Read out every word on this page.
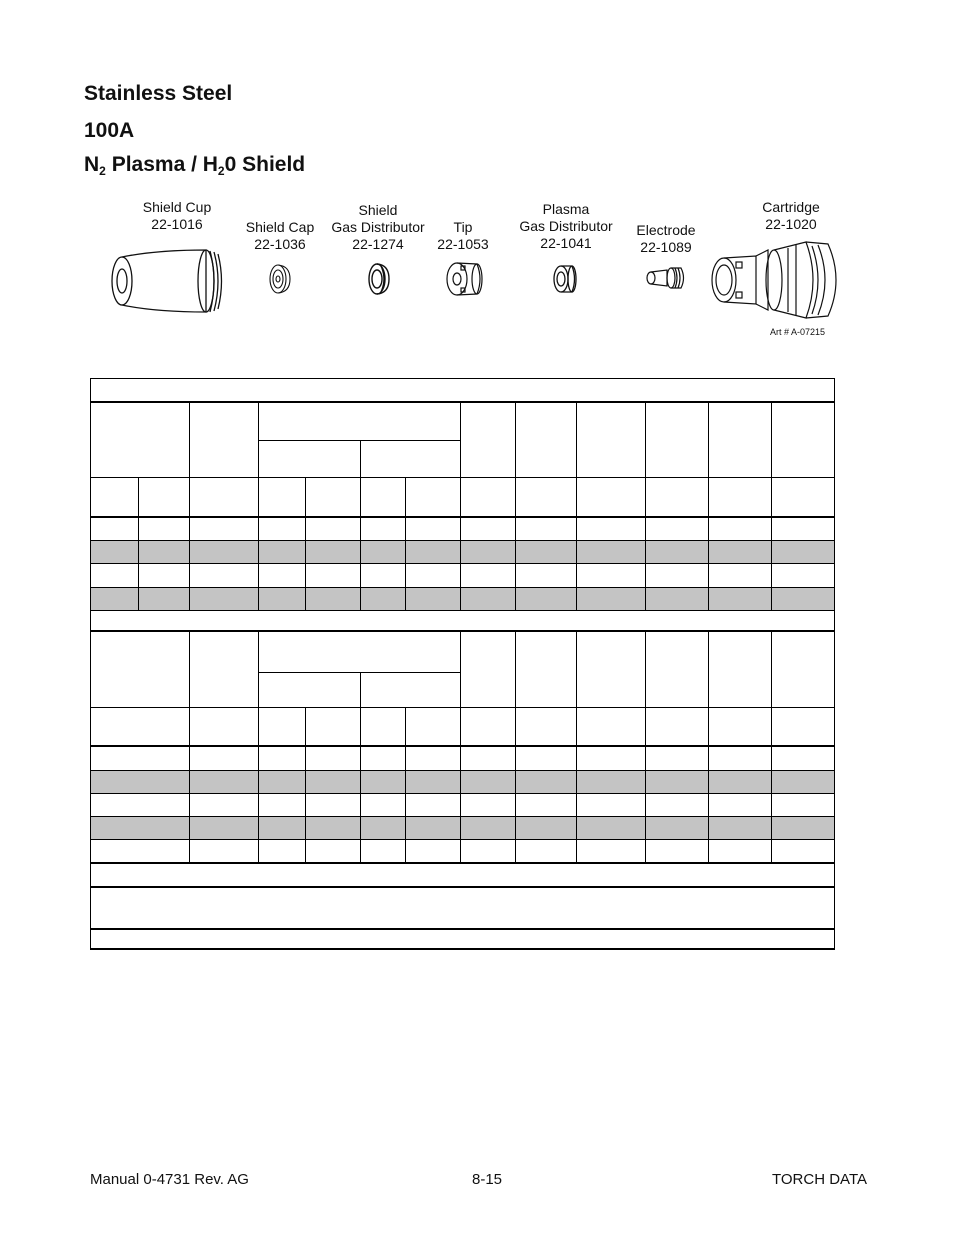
Stainless Steel
100A
$N_2$ Plasma / $H_20$ Shield
Shield Cup
22-1016	Shield Cap
22-1036
Shield
Gas Distributor
22-1274
Tip
22-1053
Plasma
Gas Distributor
22-1041
Electrode
22-1089
Cartridge
22-1020
Art # A-07215
Manual 0-4731 Rev. AG	8-15	TORCH DATA
